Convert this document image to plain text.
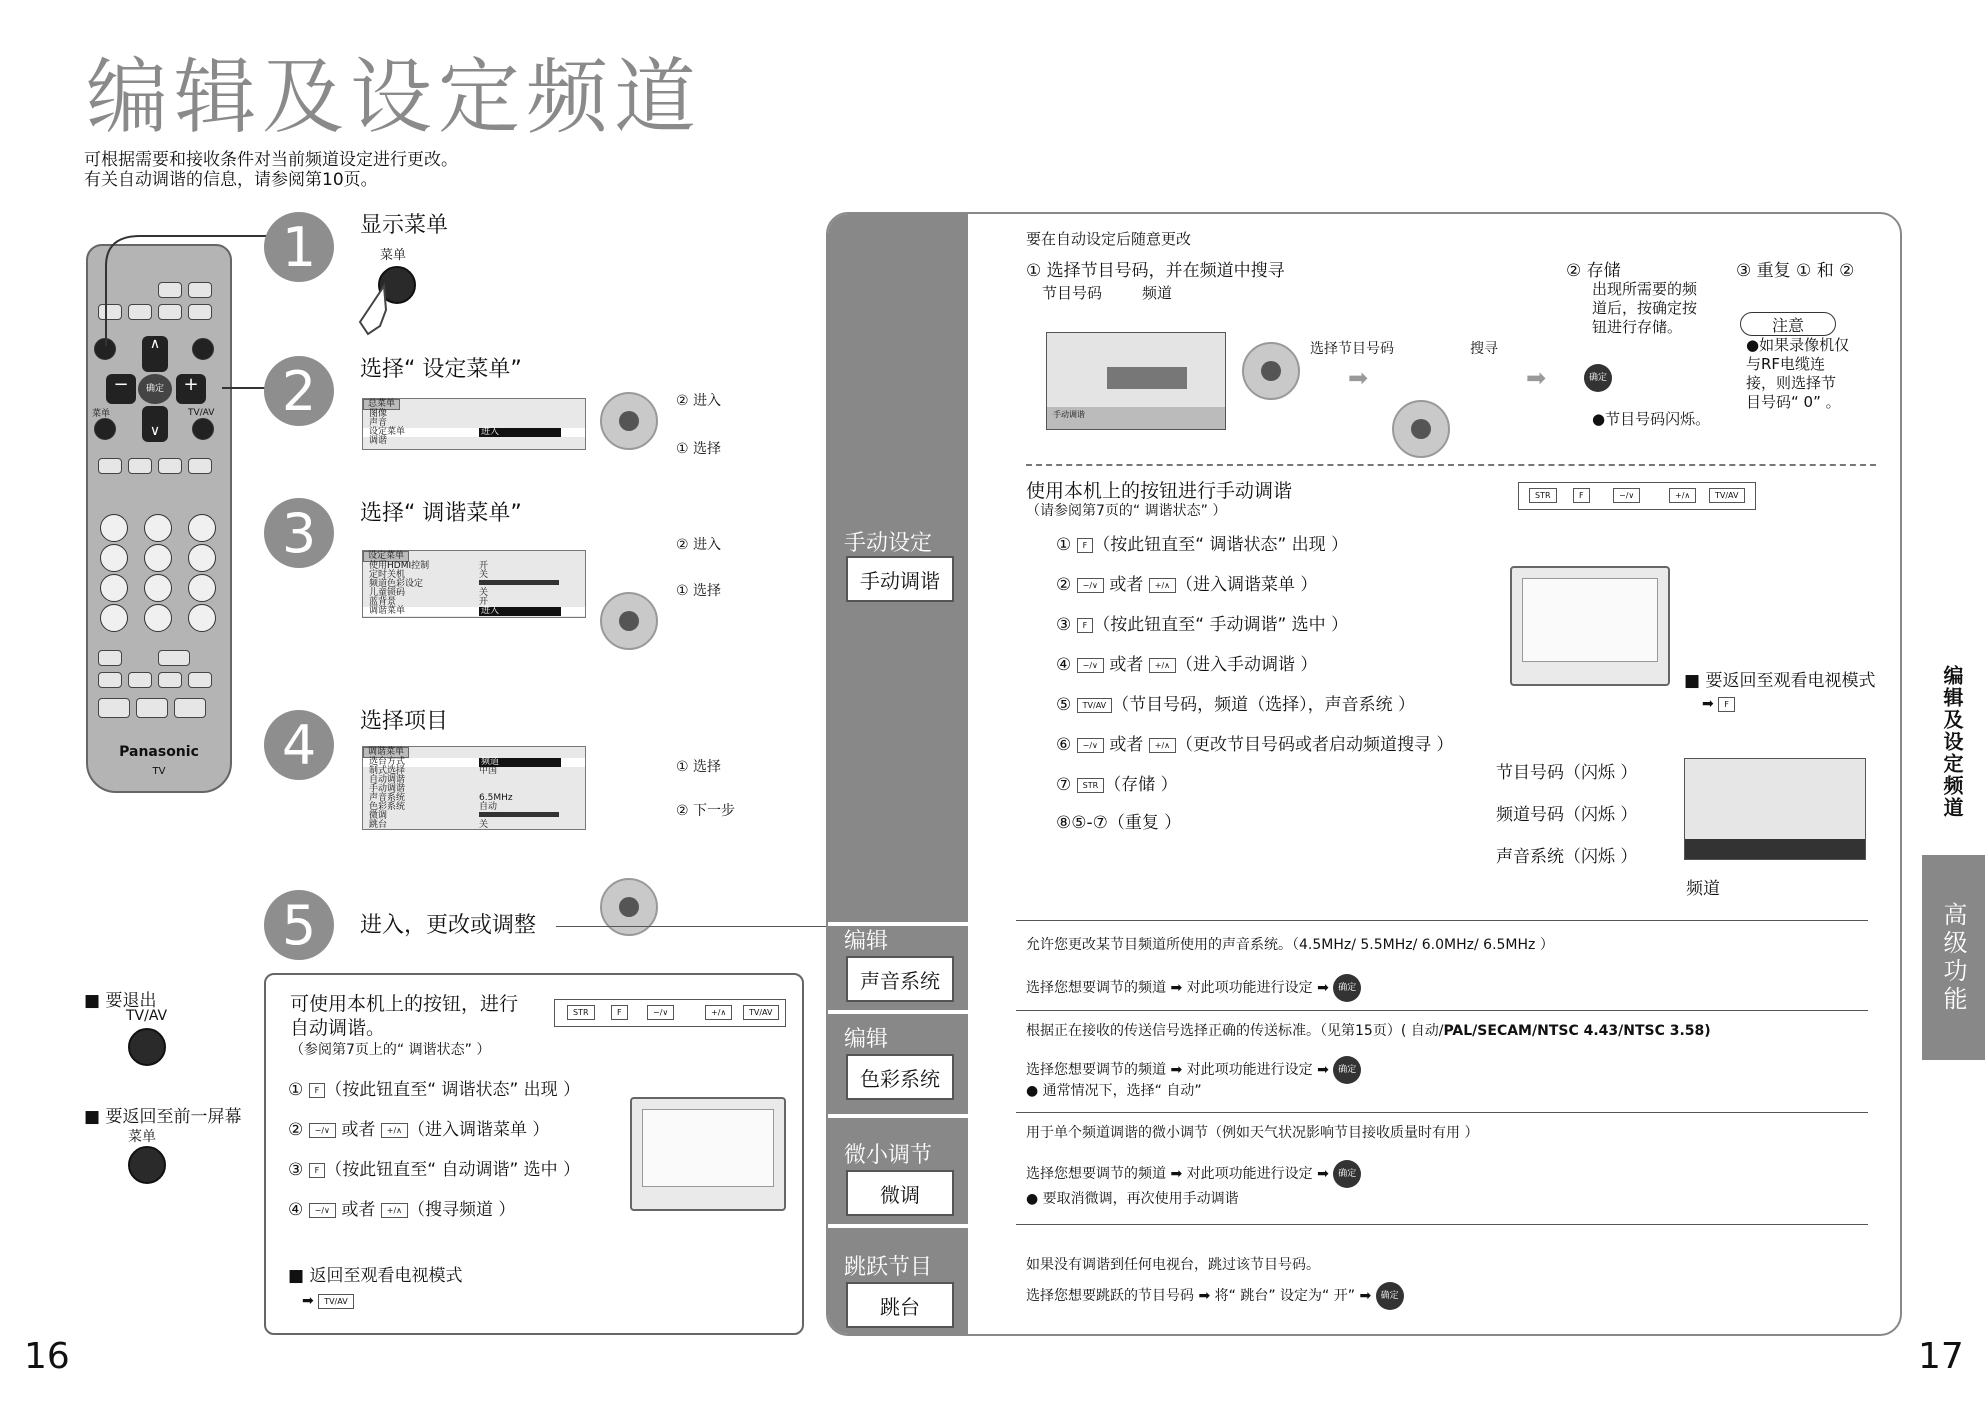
编辑及设定频道
可根据需要和接收条件对当前频道设定进行更改。
有关自动调谐的信息，请参阅第10页。
∧
∨
−	+
确定
菜单	TV/AV
Panasonic
TV
1	显示菜单
菜单
2	选择“ 设定菜单”
总菜单
图像
声音
设定菜单	进入
调谐
② 进入
① 选择
3	选择“ 调谐菜单”
设定菜单
使用HDMI控制	开
定时关机	关
频道色彩设定
儿童锁码	关
蓝背景	开
调谐菜单	进入
② 进入
① 选择
4	选择项目
调谐菜单
选台方式	频道
制式选择	中国
自动调谐
手动调谐
声音系统	6.5MHz
色彩系统	自动
微调
跳台	关
① 选择
② 下一步
5	进入，更改或调整
■ 要退出
TV/AV
■ 要返回至前一屏幕
菜单
可使用本机上的按钮，进行
自动调谐。
（参阅第7页上的“ 调谐状态” ）
STR	F	−/∨	+/∧	TV/AV
① F （按此钮直至“ 调谐状态” 出现 ）
② −/∨ 或者 +/∧ （进入调谐菜单 ）
③ F （按此钮直至“ 自动调谐” 选中 ）
④ −/∨ 或者 +/∧ （搜寻频道 ）
■ 返回至观看电视模式
➡ TV/AV
手动设定
手动调谐
编辑
声音系统
编辑
色彩系统
微小调节
微调
跳跃节目
跳台
要在自动设定后随意更改
① 选择节目号码，并在频道中搜寻
节目号码	频道
手动调谐
选择节目号码	搜寻
➡	➡	确定
② 存储
出现所需要的频
道后，按确定按
钮进行存储。
●节目号码闪烁。
③ 重复 ① 和 ②
注意
●如果录像机仅
与RF电缆连
接，则选择节
目号码“ 0” 。
使用本机上的按钮进行手动调谐
（请参阅第7页的“ 调谐状态” ）
① F （按此钮直至“ 调谐状态” 出现 ）
② −/∨ 或者 +/∧ （进入调谐菜单 ）
③ F （按此钮直至“ 手动调谐” 选中 ）
④ −/∨ 或者 +/∧ （进入手动调谐 ）
⑤ TV/AV （节目号码，频道（选择），声音系统 ）
⑥ −/∨ 或者 +/∧ （更改节目号码或者启动频道搜寻 ）
⑦ STR （存储 ）
⑧⑤-⑦（重复 ）
STR	F	−/∨	+/∧	TV/AV
■ 要返回至观看电视模式
➡ F
节目号码（闪烁 ）
频道号码（闪烁 ）
声音系统（闪烁 ）
频道
允许您更改某节目频道所使用的声音系统。（4.5MHz/ 5.5MHz/ 6.0MHz/ 6.5MHz ）
选择您想要调节的频道 ➡ 对此项功能进行设定 ➡ 确定
根据正在接收的传送信号选择正确的传送标准。（见第15页）( 自动/PAL/SECAM/NTSC 4.43/NTSC 3.58)
选择您想要调节的频道 ➡ 对此项功能进行设定 ➡ 确定
● 通常情况下，选择“ 自动”
用于单个频道调谐的微小调节（例如天气状况影响节目接收质量时有用 ）
选择您想要调节的频道 ➡ 对此项功能进行设定 ➡ 确定
● 要取消微调，再次使用手动调谐
如果没有调谐到任何电视台，跳过该节目号码。
选择您想要跳跃的节目号码 ➡ 将“ 跳台” 设定为“ 开” ➡ 确定
编辑及设定频道
高级功能
16	17
